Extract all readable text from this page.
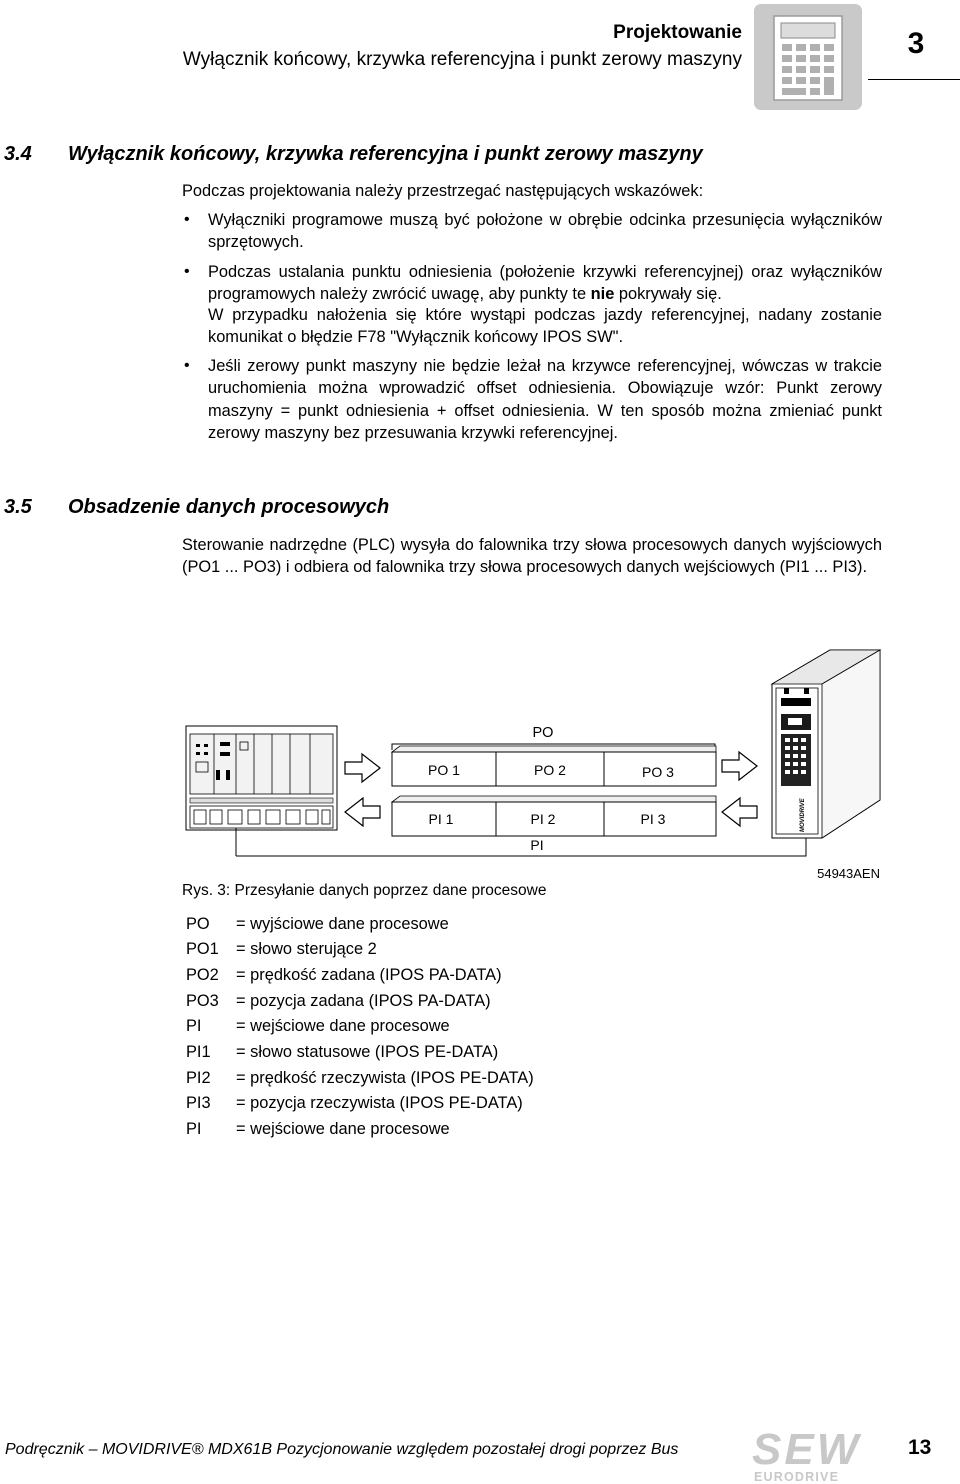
Projektowanie
Wyłącznik końcowy, krzywka referencyjna i punkt zerowy maszyny	3
3.4 Wyłącznik końcowy, krzywka referencyjna i punkt zerowy maszyny
Podczas projektowania należy przestrzegać następujących wskazówek:
• Wyłączniki programowe muszą być położone w obrębie odcinka przesunięcia wyłączników sprzętowych.
• Podczas ustalania punktu odniesienia (położenie krzywki referencyjnej) oraz wyłączników programowych należy zwrócić uwagę, aby punkty te nie pokrywały się.
W przypadku nałożenia się które wystąpi podczas jazdy referencyjnej, nadany zostanie komunikat o błędzie F78 "Wyłącznik końcowy IPOS SW".
• Jeśli zerowy punkt maszyny nie będzie leżał na krzywce referencyjnej, wówczas w trakcie uruchomienia można wprowadzić offset odniesienia. Obowiązuje wzór: Punkt zerowy maszyny = punkt odniesienia + offset odniesienia. W ten sposób można zmieniać punkt zerowy maszyny bez przesuwania krzywki referencyjnej.
3.5 Obsadzenie danych procesowych
Sterowanie nadrzędne (PLC) wysyła do falownika trzy słowa procesowych danych wyjściowych (PO1 ... PO3) i odbiera od falownika trzy słowa procesowych danych wejściowych (PI1 ... PI3).
PO
PO 1	PO 2	PO 3
PI 1	PI 2	PI 3
PI
MOVIDRIVE
Rys. 3: Przesyłanie danych poprzez dane procesowe
54943AEN
PO = wyjściowe dane procesowe
PO1 = słowo sterujące 2
PO2 = prędkość zadana (IPOS PA-DATA)
PO3 = pozycja zadana (IPOS PA-DATA)
PI = wejściowe dane procesowe
PI1 = słowo statusowe (IPOS PE-DATA)
PI2 = prędkość rzeczywista (IPOS PE-DATA)
PI3 = pozycja rzeczywista (IPOS PE-DATA)
PI = wejściowe dane procesowe
Podręcznik – MOVIDRIVE® MDX61B Pozycjonowanie względem pozostałej drogi poprzez Bus SEW
EURODRIVE
13
